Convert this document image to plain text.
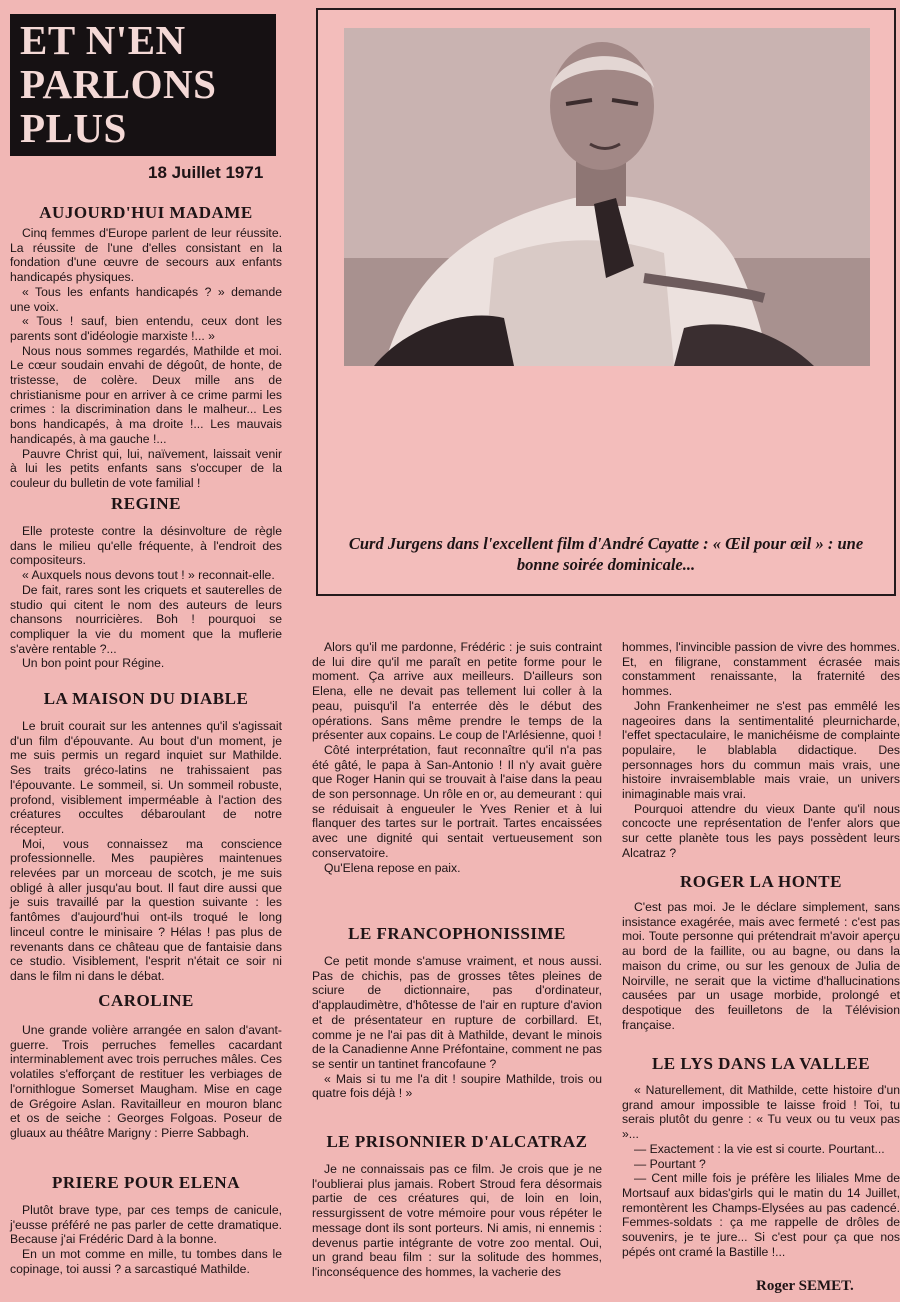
ET N'EN
PARLONS
PLUS
18 Juillet 1971
Curd Jurgens dans l'excellent film d'André Cayatte : « Œil pour œil » : une bonne soirée dominicale...
AUJOURD'HUI MADAME

Cinq femmes d'Europe parlent de leur réussite. La réussite de l'une d'elles consistant en la fondation d'une œuvre de secours aux enfants handicapés physiques.

« Tous les enfants handicapés ? » demande une voix.

« Tous ! sauf, bien entendu, ceux dont les parents sont d'idéologie marxiste !... »

Nous nous sommes regardés, Mathilde et moi. Le cœur soudain envahi de dégoût, de honte, de tristesse, de colère. Deux mille ans de christianisme pour en arriver à ce crime parmi les crimes : la discrimination dans le malheur... Les bons handicapés, à ma droite !... Les mauvais handicapés, à ma gauche !...

Pauvre Christ qui, lui, naïvement, laissait venir à lui les petits enfants sans s'occuper de la couleur du bulletin de vote familial !

REGINE

Elle proteste contre la désinvolture de règle dans le milieu qu'elle fréquente, à l'endroit des compositeurs.

« Auxquels nous devons tout ! » reconnait-elle.

De fait, rares sont les criquets et sauterelles de studio qui citent le nom des auteurs de leurs chansons nourricières. Boh ! pourquoi se compliquer la vie du moment que la muflerie s'avère rentable ?...

Un bon point pour Régine.

LA MAISON DU DIABLE

Le bruit courait sur les antennes qu'il s'agissait d'un film d'épouvante. Au bout d'un moment, je me suis permis un regard inquiet sur Mathilde. Ses traits gréco-latins ne trahissaient pas l'épouvante. Le sommeil, si. Un sommeil robuste, profond, visiblement imperméable à l'action des créatures occultes débaroulant de notre récepteur.

Moi, vous connaissez ma conscience professionnelle. Mes paupières maintenues relevées par un morceau de scotch, je me suis obligé à aller jusqu'au bout. Il faut dire aussi que je suis travaillé par la question suivante : les fantômes d'aujourd'hui ont-ils troqué le long linceul contre le minisaire ? Hélas ! pas plus de revenants dans ce château que de fantaisie dans ce studio. Visiblement, l'esprit n'était ce soir ni dans le film ni dans le débat.

CAROLINE

Une grande volière arrangée en salon d'avant-guerre. Trois perruches femelles cacardant interminablement avec trois perruches mâles. Ces volatiles s'efforçant de restituer les verbiages de l'ornithlogue Somerset Maugham. Mise en cage de Grégoire Aslan. Ravitailleur en mouron blanc et os de seiche : Georges Folgoas. Poseur de gluaux au théâtre Marigny : Pierre Sabbagh.

PRIERE POUR ELENA

Plutôt brave type, par ces temps de canicule, j'eusse préféré ne pas parler de cette dramatique. Because j'ai Frédéric Dard à la bonne.

En un mot comme en mille, tu tombes dans le copinage, toi aussi ? a sarcastiqué Mathilde.

Alors qu'il me pardonne, Frédéric : je suis contraint de lui dire qu'il me paraît en petite forme pour le moment. Ça arrive aux meilleurs. D'ailleurs son Elena, elle ne devait pas tellement lui coller à la peau, puisqu'il l'a enterrée dès le début des opérations. Sans même prendre le temps de la présenter aux copains. Le coup de l'Arlésienne, quoi !

Côté interprétation, faut reconnaître qu'il n'a pas été gâté, le papa à San-Antonio ! Il n'y avait guère que Roger Hanin qui se trouvait à l'aise dans la peau de son personnage. Un rôle en or, au demeurant : qui se réduisait à engueuler le Yves Renier et à lui flanquer des tartes sur le portrait. Tartes encaissées avec une dignité qui sentait vertueusement son conservatoire.

Qu'Elena repose en paix.

LE FRANCOPHONISSIME

Ce petit monde s'amuse vraiment, et nous aussi. Pas de chichis, pas de grosses têtes pleines de sciure de dictionnaire, pas d'ordinateur, d'applaudimètre, d'hôtesse de l'air en rupture d'avion et de présentateur en rupture de corbillard. Et, comme je ne l'ai pas dit à Mathilde, devant le minois de la Canadienne Anne Préfontaine, comment ne pas se sentir un tantinet francofaune ?

« Mais si tu me l'a dit ! soupire Mathilde, trois ou quatre fois déjà ! »

LE PRISONNIER D'ALCATRAZ

Je ne connaissais pas ce film. Je crois que je ne l'oublierai plus jamais. Robert Stroud fera désormais partie de ces créatures qui, de loin en loin, ressurgissent de votre mémoire pour vous répéter le message dont ils sont porteurs. Ni amis, ni ennemis : devenus partie intégrante de votre zoo mental. Oui, un grand beau film : sur la solitude des hommes, l'inconséquence des hommes, la vacherie des

hommes, l'invincible passion de vivre des hommes. Et, en filigrane, constamment écrasée mais constamment renaissante, la fraternité des hommes.

John Frankenheimer ne s'est pas emmêlé les nageoires dans la sentimentalité pleurnicharde, l'effet spectaculaire, le manichéisme de complainte populaire, le blablabla didactique. Des personnages hors du commun mais vrais, une histoire invraisemblable mais vraie, un univers inimaginable mais vrai.

Pourquoi attendre du vieux Dante qu'il nous concocte une représentation de l'enfer alors que sur cette planète tous les pays possèdent leurs Alcatraz ?

ROGER LA HONTE

C'est pas moi. Je le déclare simplement, sans insistance exagérée, mais avec fermeté : c'est pas moi. Toute personne qui prétendrait m'avoir aperçu au bord de la faillite, ou au bagne, ou dans la maison du crime, ou sur les genoux de Julia de Noirville, ne serait que la victime d'hallucinations causées par un usage morbide, prolongé et despotique des feuilletons de la Télévision française.

LE LYS DANS LA VALLEE

« Naturellement, dit Mathilde, cette histoire d'un grand amour impossible te laisse froid ! Toi, tu serais plutôt du genre : « Tu veux ou tu veux pas »...

— Exactement : la vie est si courte. Pourtant...

— Pourtant ?

— Cent mille fois je préfère les liliales Mme de Mortsauf aux bidas'girls qui le matin du 14 Juillet, remontèrent les Champs-Elysées au pas cadencé. Femmes-soldats : ça me rappelle de drôles de souvenirs, je te jure... Si c'est pour ça que nos pépés ont cramé la Bastille !...

Roger SEMET.
